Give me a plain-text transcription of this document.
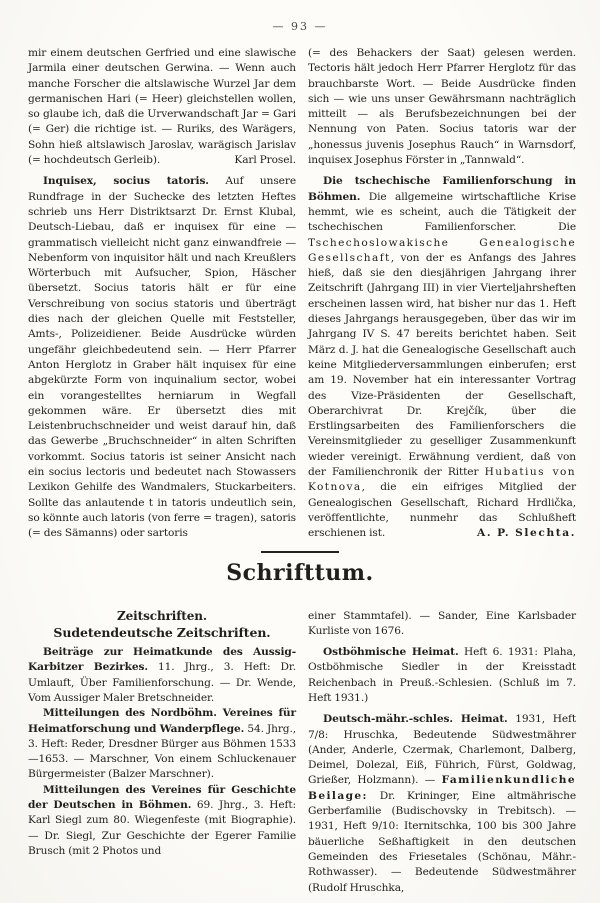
— 93 —

mir einem deutschen Gerfried und eine slawische Jarmila einer deutschen Gerwina. — Wenn auch manche Forscher die altslawische Wurzel Jar dem germanischen Hari (= Heer) gleichstellen wollen, so glaube ich, daß die Urverwandschaft Jar = Gari (= Ger) die richtige ist. — Ruriks, des Warägers, Sohn hieß altslawisch Jaroslav, warägisch Jarislav (= hochdeutsch Gerleib).	Karl Prosel.

Inquisex, socius tatoris. Auf unsere Rundfrage in der Suchecke des letzten Heftes schrieb uns Herr Distriktsarzt Dr. Ernst Klubal, Deutsch-Liebau, daß er inquisex für eine — grammatisch vielleicht nicht ganz einwandfreie — Nebenform von inquisitor hält und nach Kreußlers Wörterbuch mit Aufsucher, Spion, Häscher übersetzt. Socius tatoris hält er für eine Verschreibung von socius statoris und überträgt dies nach der gleichen Quelle mit Feststeller, Amts-, Polizeidiener. Beide Ausdrücke würden ungefähr gleichbedeutend sein. — Herr Pfarrer Anton Herglotz in Graber hält inquisex für eine abgekürzte Form von inquinalium sector, wobei ein vorangestelltes herniarum in Wegfall gekommen wäre. Er übersetzt dies mit Leistenbruchschneider und weist darauf hin, daß das Gewerbe „Bruchschneider“ in alten Schriften vorkommt. Socius tatoris ist seiner Ansicht nach ein socius lectoris und bedeutet nach Stowassers Lexikon Gehilfe des Wandmalers, Stuckarbeiters. Sollte das anlautende t in tatoris undeutlich sein, so könnte auch latoris (von ferre = tragen), satoris (= des Sämanns) oder sartoris

(= des Behackers der Saat) gelesen werden. Tectoris hält jedoch Herr Pfarrer Herglotz für das brauchbarste Wort. — Beide Ausdrücke finden sich — wie uns unser Gewährsmann nachträglich mitteilt — als Berufsbezeichnungen bei der Nennung von Paten. Socius tatoris war der „honessus juvenis Josephus Rauch“ in Warnsdorf, inquisex Josephus Förster in „Tannwald“.

Die tschechische Familienforschung in Böhmen. Die allgemeine wirtschaftliche Krise hemmt, wie es scheint, auch die Tätigkeit der tschechischen Familienforscher. Die Tschechoslowakische Genealogische Gesellschaft, von der es Anfangs des Jahres hieß, daß sie den diesjährigen Jahrgang ihrer Zeitschrift (Jahrgang III) in vier Vierteljahrsheften erscheinen lassen wird, hat bisher nur das 1. Heft dieses Jahrgangs herausgegeben, über das wir im Jahrgang IV S. 47 bereits berichtet haben. Seit März d. J. hat die Genealogische Gesellschaft auch keine Mitgliederversammlungen einberufen; erst am 19. November hat ein interessanter Vortrag des Vize-Präsidenten der Gesellschaft, Oberarchivrat Dr. Krejčík, über die Erstlingsarbeiten des Familienforschers die Vereinsmitglieder zu geselliger Zusammenkunft wieder vereinigt. Erwähnung verdient, daß von der Familienchronik der Ritter Hubatius von Kotnova, die ein eifriges Mitglied der Genealogischen Gesellschaft, Richard Hrdlička, veröffentlichte, nunmehr das Schlußheft erschienen ist.	A. P. Slechta.

Schrifttum.

Zeitschriften.

Sudetendeutsche Zeitschriften.

Beiträge zur Heimatkunde des Aussig-Karbitzer Bezirkes. 11. Jhrg., 3. Heft: Dr. Umlauft, Über Familienforschung. — Dr. Wende, Vom Aussiger Maler Bretschneider.

Mitteilungen des Nordböhm. Vereines für Heimatforschung und Wanderpflege. 54. Jhrg., 3. Heft: Reder, Dresdner Bürger aus Böhmen 1533—1653. — Marschner, Von einem Schluckenauer Bürgermeister (Balzer Marschner).

Mitteilungen des Vereines für Geschichte der Deutschen in Böhmen. 69. Jhrg., 3. Heft: Karl Siegl zum 80. Wiegenfeste (mit Biographie). — Dr. Siegl, Zur Geschichte der Egerer Familie Brusch (mit 2 Photos und

einer Stammtafel). — Sander, Eine Karlsbader Kurliste von 1676.

Ostböhmische Heimat. Heft 6. 1931: Plaha, Ostböhmische Siedler in der Kreisstadt Reichenbach in Preuß.-Schlesien. (Schluß im 7. Heft 1931.)

Deutsch-mähr.-schles. Heimat. 1931, Heft 7/8: Hruschka, Bedeutende Südwestmährer (Ander, Anderle, Czermak, Charlemont, Dalberg, Deimel, Dolezal, Eiß, Führich, Fürst, Goldwag, Grießer, Holzmann). — Familienkundliche Beilage: Dr. Krininger, Eine altmährische Gerberfamilie (Budischovsky in Trebitsch). — 1931, Heft 9/10: Iternitschka, 100 bis 300 Jahre bäuerliche Seßhaftigkeit in den deutschen Gemeinden des Friesetales (Schönau, Mähr.-Rothwasser). — Bedeutende Südwestmährer (Rudolf Hruschka,
